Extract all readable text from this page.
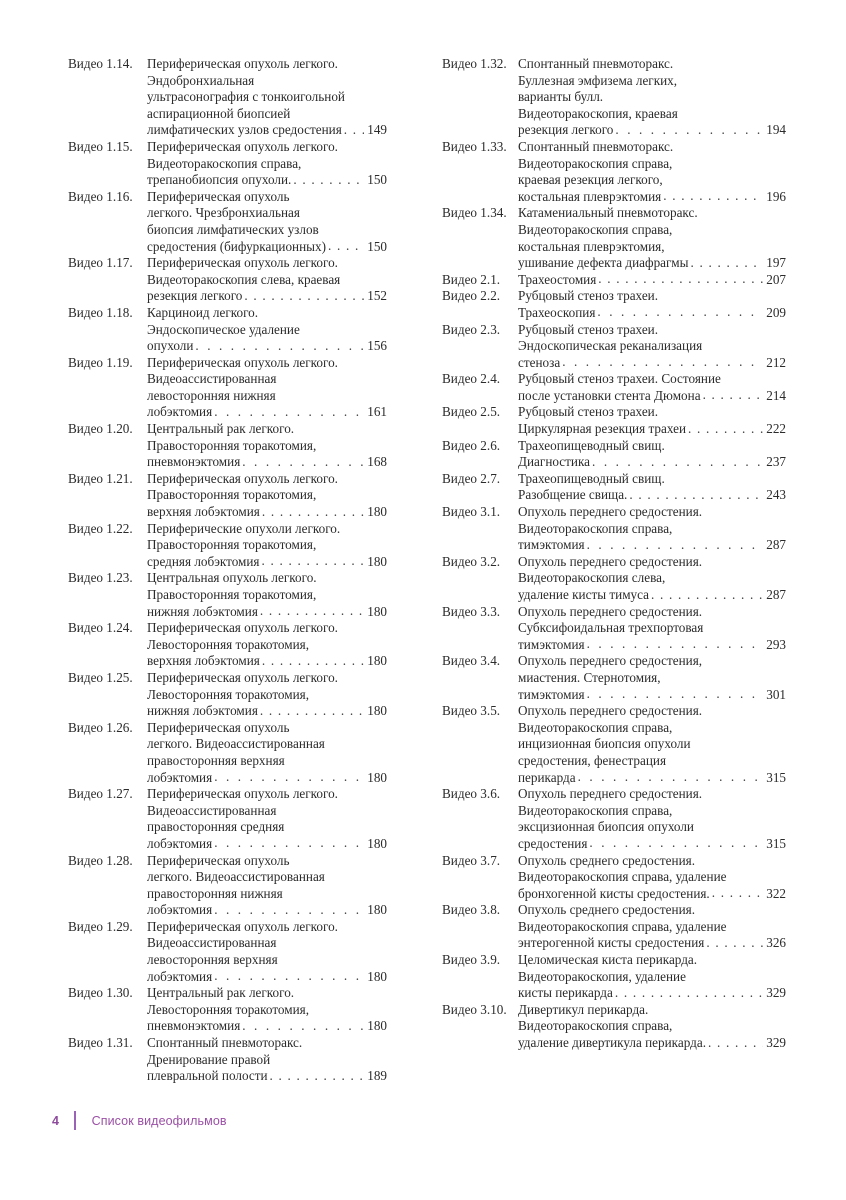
Видео 1.14.	Периферическая опухоль легкого.
Эндобронхиальная
ультрасонография с тонкоигольной
аспирационной биопсией
лимфатических узлов средостения . . . 149
Видео 1.15.	Периферическая опухоль легкого.
Видеоторакоскопия справа,
трепанобиопсия опухоли. . . .	150
Видео 1.16.	Периферическая опухоль
легкого. Чрезбронхиальная
биопсия лимфатических узлов
средостения (бифуркационных) . . .	150
Видео 1.17.	Периферическая опухоль легкого.
Видеоторакоскопия слева, краевая
резекция легкого . . .	152
Видео 1.18.	Карциноид легкого.
Эндоскопическое удаление
опухоли . . .	156
Видео 1.19.	Периферическая опухоль легкого.
Видеоассистированная
левосторонняя нижняя
лобэктомия . . .	161
Видео 1.20.	Центральный рак легкого.
Правосторонняя торакотомия,
пневмонэктомия . . .	168
Видео 1.21.	Периферическая опухоль легкого.
Правосторонняя торакотомия,
верхняя лобэктомия . . .	180
Видео 1.22.	Периферические опухоли легкого.
Правосторонняя торакотомия,
средняя лобэктомия . . .	180
Видео 1.23.	Центральная опухоль легкого.
Правосторонняя торакотомия,
нижняя лобэктомия . . .	180
Видео 1.24.	Периферическая опухоль легкого.
Левосторонняя торакотомия,
верхняя лобэктомия . . .	180
Видео 1.25.	Периферическая опухоль легкого.
Левосторонняя торакотомия,
нижняя лобэктомия . . .	180
Видео 1.26.	Периферическая опухоль
легкого. Видеоассистированная
правосторонняя верхняя
лобэктомия . . .	180
Видео 1.27.	Периферическая опухоль легкого.
Видеоассистированная
правосторонняя средняя
лобэктомия . . .	180
Видео 1.28.	Периферическая опухоль
легкого. Видеоассистированная
правосторонняя нижняя
лобэктомия . . .	180
Видео 1.29.	Периферическая опухоль легкого.
Видеоассистированная
левосторонняя верхняя
лобэктомия . . .	180
Видео 1.30.	Центральный рак легкого.
Левосторонняя торакотомия,
пневмонэктомия . . .	180
Видео 1.31.	Спонтанный пневмоторакс.
Дренирование правой
плевральной полости . . .	189
Видео 1.32. Спонтанный пневмоторакс.
Буллезная эмфизема легких,
варианты булл.
Видеоторакоскопия, краевая
резекция легкого . . .	194
Видео 1.33. Спонтанный пневмоторакс.
Видеоторакоскопия справа,
краевая резекция легкого,
костальная плеврэктомия . . .	196
Видео 1.34. Катамениальный пневмоторакс.
Видеоторакоскопия справа,
костальная плеврэктомия,
ушивание дефекта диафрагмы . . .	197
Видео 2.1.	Трахеостомия . . .	207
Видео 2.2.	Рубцовый стеноз трахеи.
Трахеоскопия . . .	209
Видео 2.3.	Рубцовый стеноз трахеи.
Эндоскопическая реканализация
стеноза . . .	212
Видео 2.4.	Рубцовый стеноз трахеи. Состояние
после установки стента Дюмона . . .	214
Видео 2.5.	Рубцовый стеноз трахеи.
Циркулярная резекция трахеи . . .	222
Видео 2.6.	Трахеопищеводный свищ.
Диагностика . . .	237
Видео 2.7.	Трахеопищеводный свищ.
Разобщение свища. . . .	243
Видео 3.1.	Опухоль переднего средостения.
Видеоторакоскопия справа,
тимэктомия . . .	287
Видео 3.2.	Опухоль переднего средостения.
Видеоторакоскопия слева,
удаление кисты тимуса . . .	287
Видео 3.3.	Опухоль переднего средостения.
Субксифоидальная трехпортовая
тимэктомия . . .	293
Видео 3.4.	Опухоль переднего средостения,
миастения. Стернотомия,
тимэктомия . . .	301
Видео 3.5.	Опухоль переднего средостения.
Видеоторакоскопия справа,
инцизионная биопсия опухоли
средостения, фенестрация
перикарда . . .	315
Видео 3.6.	Опухоль переднего средостения.
Видеоторакоскопия справа,
эксцизионная биопсия опухоли
средостения . . .	315
Видео 3.7.	Опухоль среднего средостения.
Видеоторакоскопия справа, удаление
бронхогенной кисты средостения. . . .	322
Видео 3.8.	Опухоль среднего средостения.
Видеоторакоскопия справа, удаление
энтерогенной кисты средостения . . .	326
Видео 3.9.	Целомическая киста перикарда.
Видеоторакоскопия, удаление
кисты перикарда . . .	329
Видео 3.10. Дивертикул перикарда.
Видеоторакоскопия справа,
удаление дивертикула перикарда. . . .	329
4	Список видеофильмов
